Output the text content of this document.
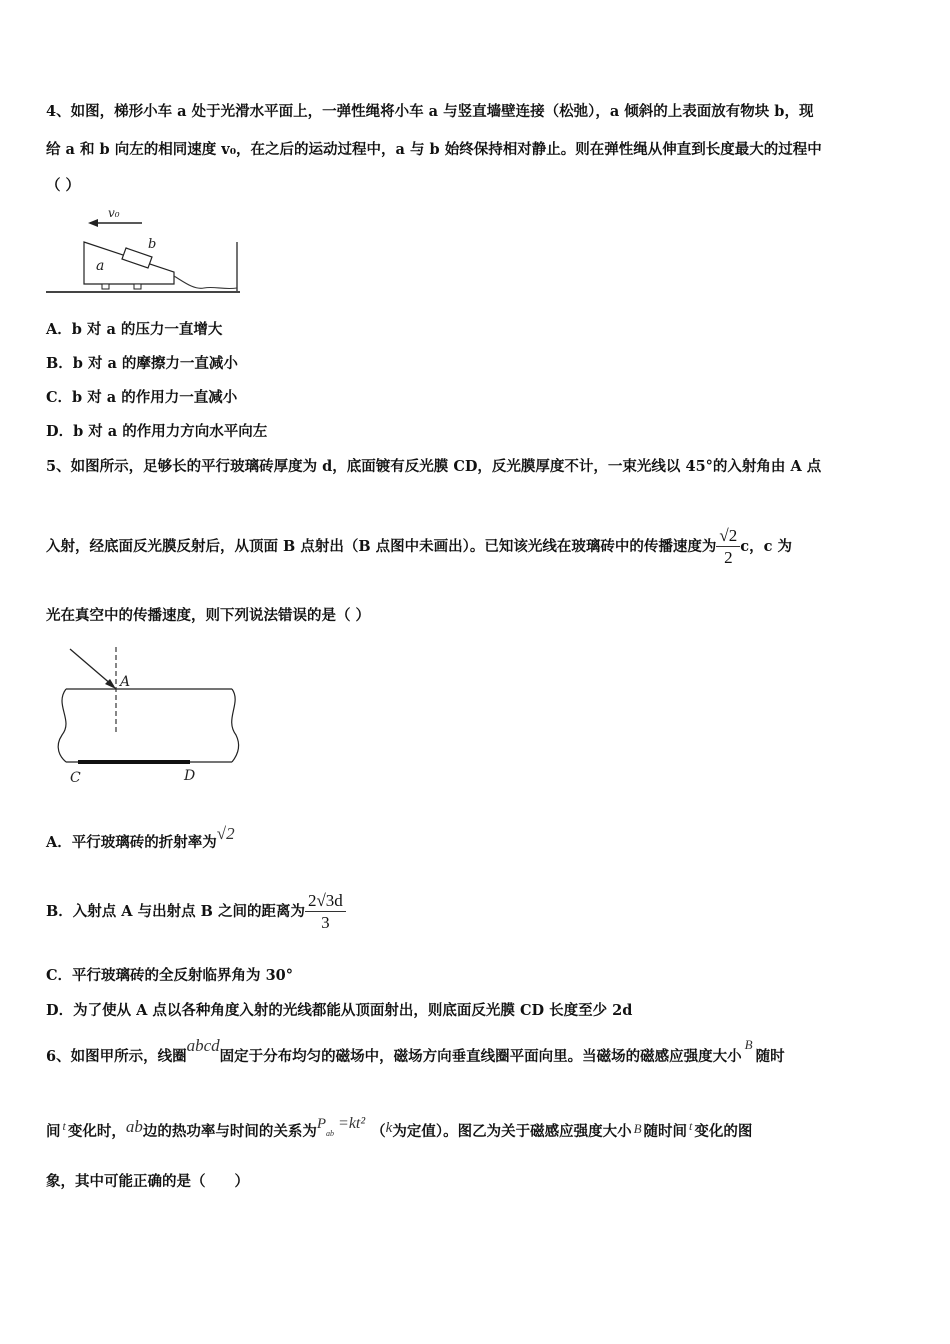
4、如图，梯形小车 a 处于光滑水平面上，一弹性绳将小车 a 与竖直墙壁连接（松弛），a 倾斜的上表面放有物块 b，现
给 a 和 b 向左的相同速度 v₀，在之后的运动过程中，a 与 b 始终保持相对静止。则在弹性绳从伸直到长度最大的过程中
（ ）
v₀
a
b
A．b 对 a 的压力一直增大
B．b 对 a 的摩擦力一直减小
C．b 对 a 的作用力一直减小
D．b 对 a 的作用力方向水平向左
5、如图所示，足够长的平行玻璃砖厚度为 d，底面镀有反光膜 CD，反光膜厚度不计，一束光线以 45°的入射角由 A 点
入射，经底面反光膜反射后，从顶面 B 点射出（B 点图中未画出）。已知该光线在玻璃砖中的传播速度为 $\frac{√2}{2}$ c，c 为
光在真空中的传播速度，则下列说法错误的是（ ）
A
C	D
A．平行玻璃砖的折射率为√2
B．入射点 A 与出射点 B 之间的距离为 $\frac{2√3d}{3}$
C．平行玻璃砖的全反射临界角为 30°
D．为了使从 A 点以各种角度入射的光线都能从顶面射出，则底面反光膜 CD 长度至少 2d
6、如图甲所示，线圈abcd固定于分布均匀的磁场中，磁场方向垂直线圈平面向里。当磁场的磁感应强度大小B随时
间 $^t$ 变化时，ab边的热功率与时间的关系为$P_{ab}=kt^2$ （k为定值）。图乙为关于磁感应强度大小 B 随时间 $^t$ 变化的图
象，其中可能正确的是（　　）
